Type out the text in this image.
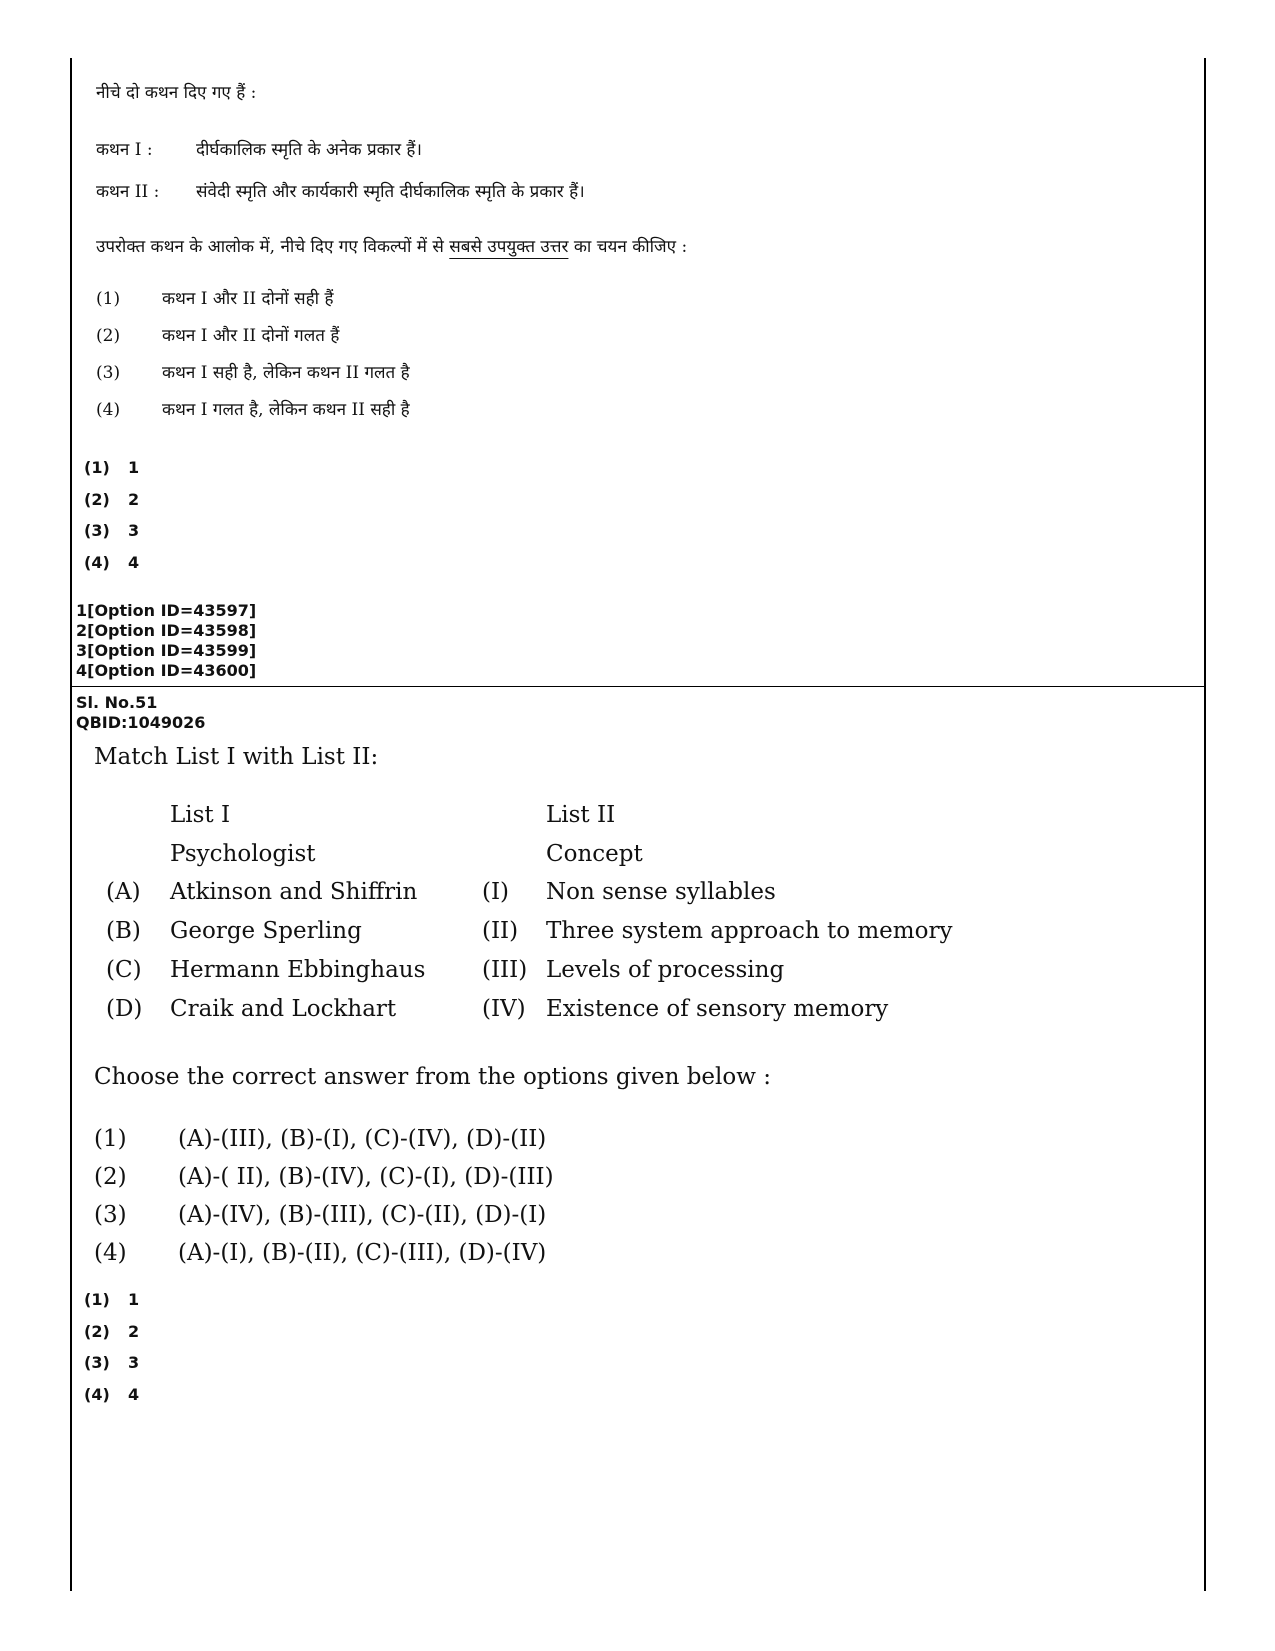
नीचे दो कथन दिए गए हैं :
कथन I :	दीर्घकालिक स्मृति के अनेक प्रकार हैं।
कथन II : संवेदी स्मृति और कार्यकारी स्मृति दीर्घकालिक स्मृति के प्रकार हैं।
उपरोक्त कथन के आलोक में, नीचे दिए गए विकल्पों में से सबसे उपयुक्त उत्तर का चयन कीजिए :
(1) कथन I और II दोनों सही हैं
(2) कथन I और II दोनों गलत हैं
(3) कथन I सही है, लेकिन कथन II गलत है
(4) कथन I गलत है, लेकिन कथन II सही है
(1) 1
(2) 2
(3) 3
(4) 4
1[Option ID=43597]
2[Option ID=43598]
3[Option ID=43599]
4[Option ID=43600]
Sl. No.51
QBID:1049026
Match List I with List II:
List I	List II
Psychologist	Concept
(A) Atkinson and Shiffrin	(I) Non sense syllables
(B) George Sperling	(II) Three system approach to memory
(C) Hermann Ebbinghaus (III) Levels of processing
(D) Craik and Lockhart	(IV) Existence of sensory memory
Choose the correct answer from the options given below :
(1) (A)-(III), (B)-(I), (C)-(IV), (D)-(II)
(2) (A)-( II), (B)-(IV), (C)-(I), (D)-(III)
(3) (A)-(IV), (B)-(III), (C)-(II), (D)-(I)
(4) (A)-(I), (B)-(II), (C)-(III), (D)-(IV)
(1) 1
(2) 2
(3) 3
(4) 4
